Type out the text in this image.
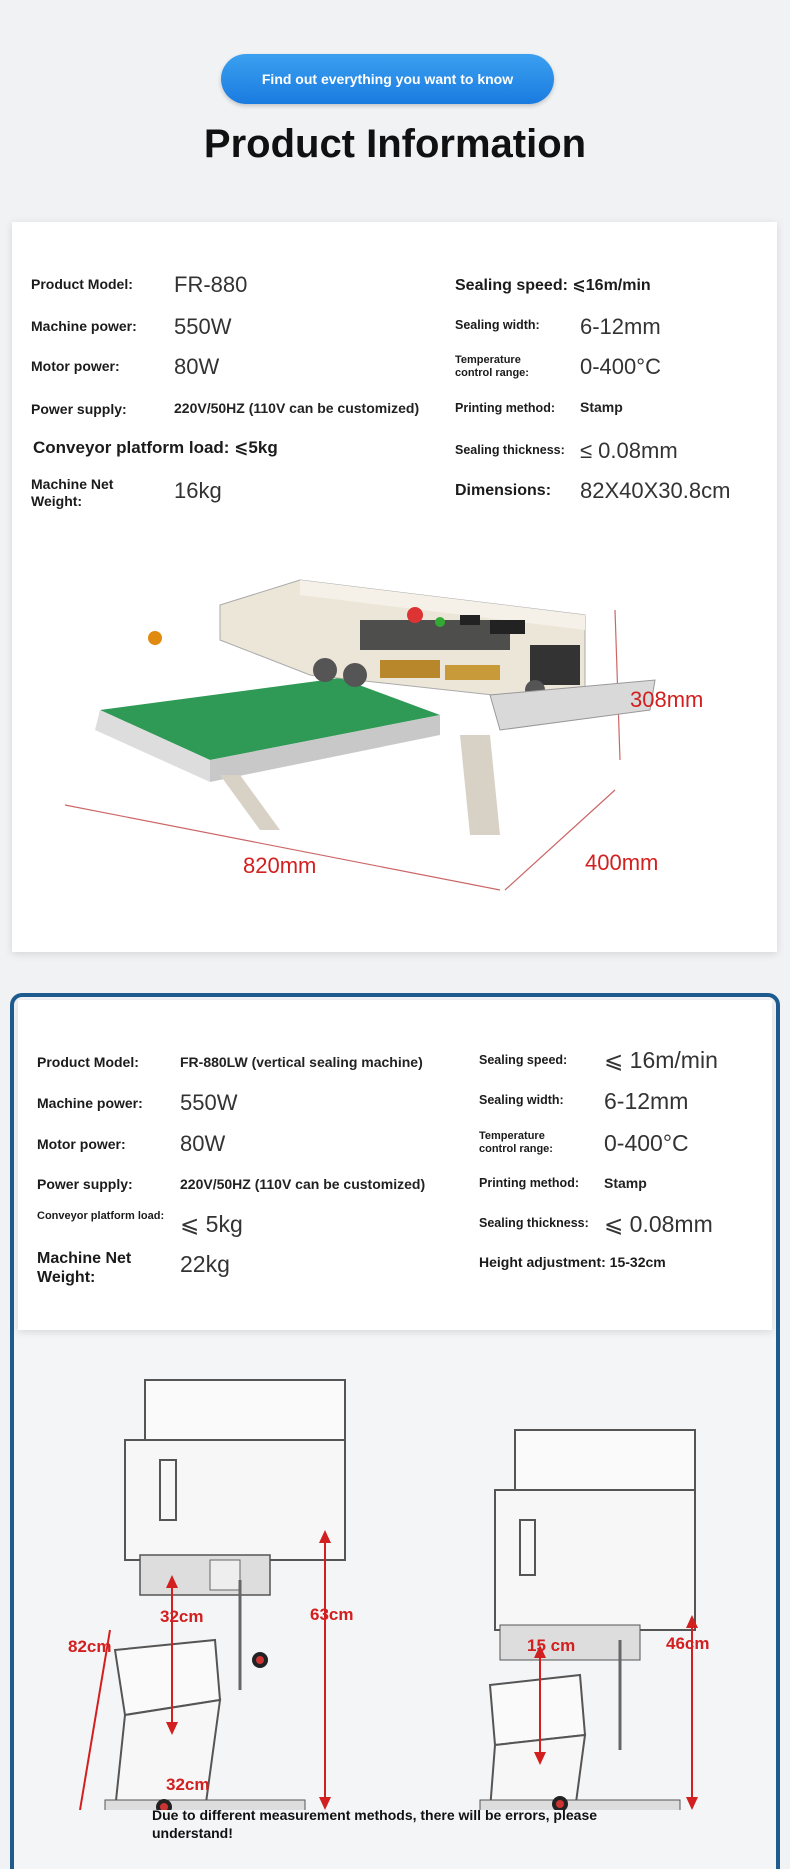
Find out everything you want to know
Product Information
Product Model: FR-880
Machine power: 550W
Motor power: 80W
Power supply:	220V/50HZ (110V can be customized)
Conveyor platform load: ⩽5kg
Machine Net Weight:	16kg
Sealing speed: ⩽16m/min
Sealing width: 6-12mm
Temperature control range:	0-400°C
Printing method: Stamp
Sealing thickness: ≤ 0.08mm
Dimensions: 82X40X30.8cm
308mm
820mm	400mm
Product Model:	FR-880LW (vertical sealing machine)
Machine power: 550W
Motor power: 80W
Power supply:	220V/50HZ (110V can be customized)
Conveyor platform load: ⩽ 5kg
Machine Net Weight:
22kg
Sealing speed: ⩽ 16m/min
Sealing width: 6-12mm
Temperature control range:	0-400°C
Printing method: Stamp
Sealing thickness: ⩽ 0.08mm
Height adjustment: 15-32cm
32cm
82cm
63cm
32cm
15 cm	46cm
Due to different measurement methods, there will be errors, please understand!
